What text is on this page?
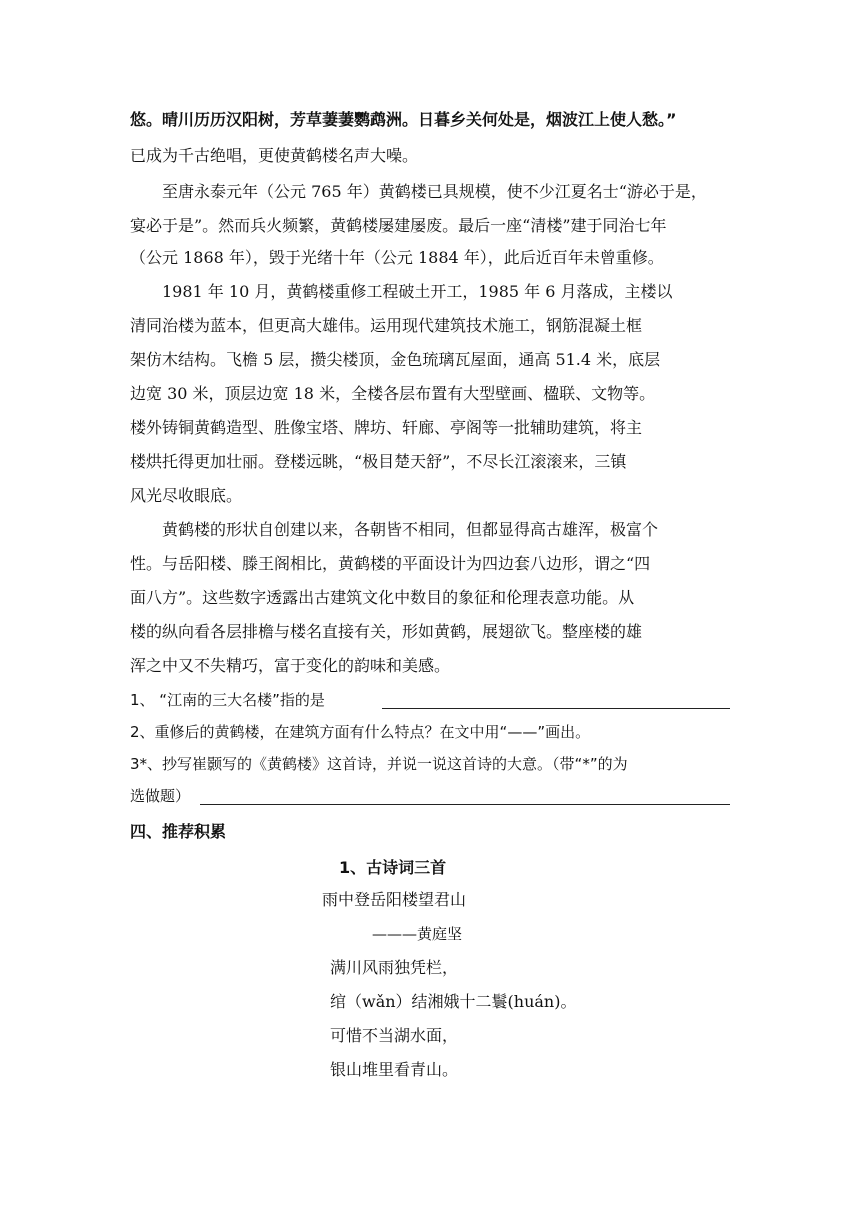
悠。晴川历历汉阳树，芳草萋萋鹦鹉洲。日暮乡关何处是，烟波江上使人愁。”
已成为千古绝唱，更使黄鹤楼名声大噪。
　　至唐永泰元年（公元 765 年）黄鹤楼已具规模，使不少江夏名士“游必于是，
宴必于是”。然而兵火频繁，黄鹤楼屡建屡废。最后一座“清楼”建于同治七年
（公元 1868 年），毁于光绪十年（公元 1884 年），此后近百年未曾重修。
　　1981 年 10 月，黄鹤楼重修工程破土开工，1985 年 6 月落成，主楼以
清同治楼为蓝本，但更高大雄伟。运用现代建筑技术施工，钢筋混凝土框
架仿木结构。飞檐 5 层，攒尖楼顶，金色琉璃瓦屋面，通高 51.4 米，底层
边宽 30 米，顶层边宽 18 米，全楼各层布置有大型壁画、楹联、文物等。
楼外铸铜黄鹤造型、胜像宝塔、牌坊、轩廊、亭阁等一批辅助建筑，将主
楼烘托得更加壮丽。登楼远眺，“极目楚天舒”，不尽长江滚滚来，三镇
风光尽收眼底。
　　黄鹤楼的形状自创建以来，各朝皆不相同，但都显得高古雄浑，极富个
性。与岳阳楼、滕王阁相比，黄鹤楼的平面设计为四边套八边形，谓之“四
面八方”。这些数字透露出古建筑文化中数目的象征和伦理表意功能。从
楼的纵向看各层排檐与楼名直接有关，形如黄鹤，展翅欲飞。整座楼的雄
浑之中又不失精巧，富于变化的韵味和美感。
1、 “江南的三大名楼”指的是
2、重修后的黄鹤楼，在建筑方面有什么特点？在文中用“——”画出。
3*、抄写崔颢写的《黄鹤楼》这首诗，并说一说这首诗的大意。（带“*”的为
选做题）
四、推荐积累
1、古诗词三首
雨中登岳阳楼望君山
———黄庭坚
满川风雨独凭栏，
绾（wǎn）结湘娥十二鬟(huán)。
可惜不当湖水面，
银山堆里看青山。
